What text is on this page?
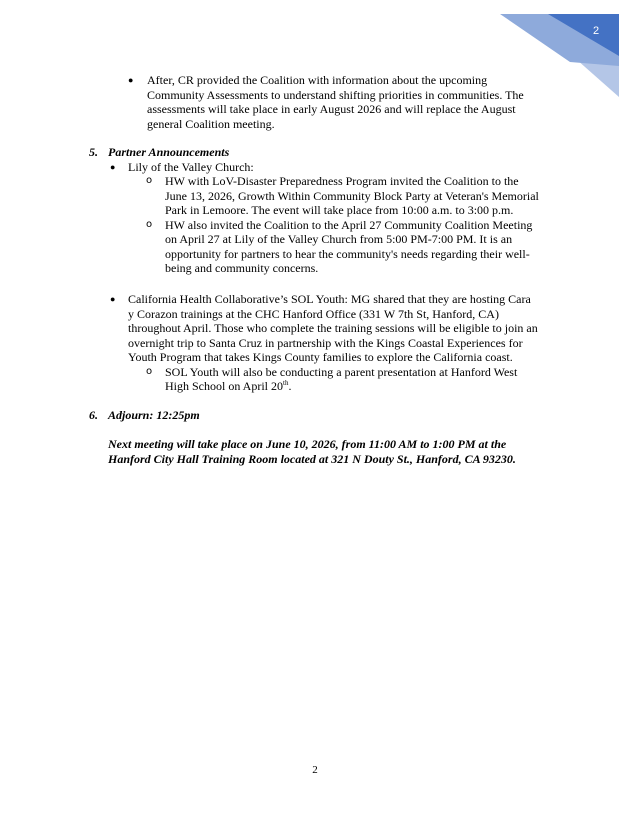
2
● After, CR provided the Coalition with information about the upcoming
Community Assessments to understand shifting priorities in communities. The
assessments will take place in early August 2026 and will replace the August
general Coalition meeting.
5. Partner Announcements
● Lily of the Valley Church:
o HW with LoV-Disaster Preparedness Program invited the Coalition to the
June 13, 2026, Growth Within Community Block Party at Veteran's Memorial
Park in Lemoore. The event will take place from 10:00 a.m. to 3:00 p.m.
o HW also invited the Coalition to the April 27 Community Coalition Meeting
on April 27 at Lily of the Valley Church from 5:00 PM-7:00 PM. It is an
opportunity for partners to hear the community's needs regarding their well-
being and community concerns.
● California Health Collaborative’s SOL Youth: MG shared that they are hosting Cara
y Corazon trainings at the CHC Hanford Office (331 W 7th St, Hanford, CA)
throughout April. Those who complete the training sessions will be eligible to join an
overnight trip to Santa Cruz in partnership with the Kings Coastal Experiences for
Youth Program that takes Kings County families to explore the California coast.
o SOL Youth will also be conducting a parent presentation at Hanford West
High School on April 20th.
6. Adjourn: 12:25pm
Next meeting will take place on June 10, 2026, from 11:00 AM to 1:00 PM at the
Hanford City Hall Training Room located at 321 N Douty St., Hanford, CA 93230.
2
